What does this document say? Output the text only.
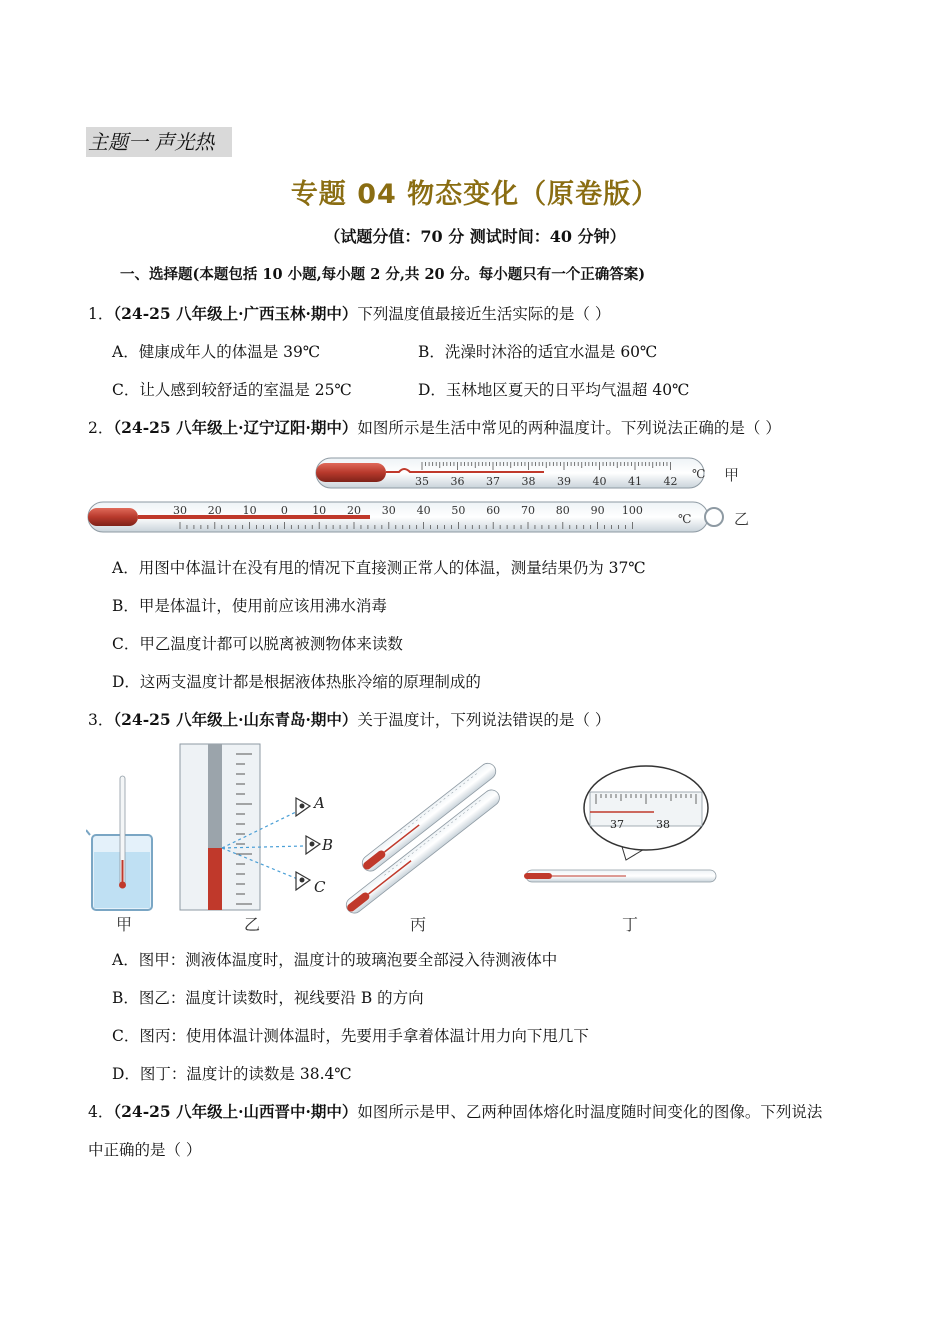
主题一 声光热
专题 04 物态变化（原卷版）
（试题分值：70 分 测试时间：40 分钟）
一、选择题(本题包括 10 小题,每小题 2 分,共 20 分。每小题只有一个正确答案)
1．（24-25 八年级上·广西玉林·期中）下列温度值最接近生活实际的是（ ）
A．健康成年人的体温是 39℃	B．洗澡时沐浴的适宜水温是 60℃
C．让人感到较舒适的室温是 25℃	D．玉林地区夏天的日平均气温超 40℃
2．（24-25 八年级上·辽宁辽阳·期中）如图所示是生活中常见的两种温度计。下列说法正确的是（ ）
35 36 37 38 39 40 41 42
℃ 甲
30 20 10 0 10 20 30 40 50 60 70 80 90 100
℃	乙
A．用图中体温计在没有甩的情况下直接测正常人的体温，测量结果仍为 37℃
B．甲是体温计，使用前应该用沸水消毒
C．甲乙温度计都可以脱离被测物体来读数
D．这两支温度计都是根据液体热胀冷缩的原理制成的
3．（24-25 八年级上·山东青岛·期中）关于温度计，下列说法错误的是（ ）
甲
A
B
C
乙	丙
37	38
丁
A．图甲：测液体温度时，温度计的玻璃泡要全部浸入待测液体中
B．图乙：温度计读数时，视线要沿 B 的方向
C．图丙：使用体温计测体温时，先要用手拿着体温计用力向下甩几下
D．图丁：温度计的读数是 38.4℃
4．（24-25 八年级上·山西晋中·期中）如图所示是甲、乙两种固体熔化时温度随时间变化的图像。下列说法
中正确的是（ ）
